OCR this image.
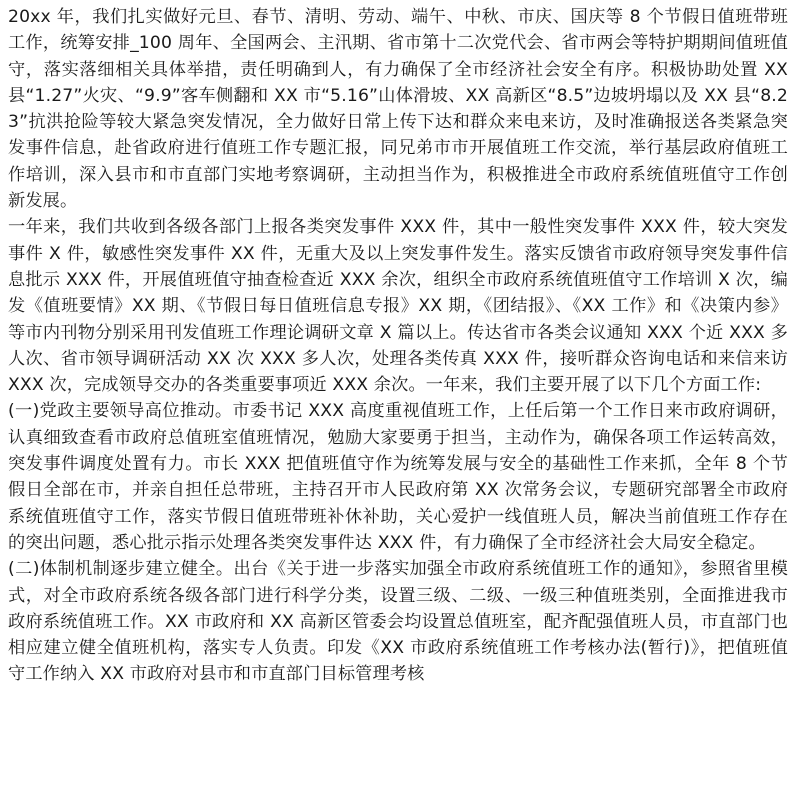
20xx 年，我们扎实做好元旦、春节、清明、劳动、端午、中秋、市庆、国庆等 8 个节假日值班带班工作，统筹安排_100 周年、全国两会、主汛期、省市第十二次党代会、省市两会等特护期期间值班值守，落实落细相关具体举措，责任明确到人，有力确保了全市经济社会安全有序。积极协助处置 XX 县“1.27”火灾、“9.9”客车侧翻和 XX 市“5.16”山体滑坡、XX 高新区“8.5”边坡坍塌以及 XX 县“8.23”抗洪抢险等较大紧急突发情况，全力做好日常上传下达和群众来电来访，及时准确报送各类紧急突发事件信息，赴省政府进行值班工作专题汇报，同兄弟市市开展值班工作交流，举行基层政府值班工作培训，深入县市和市直部门实地考察调研，主动担当作为，积极推进全市政府系统值班值守工作创新发展。

一年来，我们共收到各级各部门上报各类突发事件 XXX 件，其中一般性突发事件 XXX 件，较大突发事件 X 件，敏感性突发事件 XX 件，无重大及以上突发事件发生。落实反馈省市政府领导突发事件信息批示 XXX 件，开展值班值守抽查检查近 XXX 余次，组织全市政府系统值班值守工作培训 X 次，编发《值班要情》XX 期、《节假日每日值班信息专报》XX 期，《团结报》、《XX 工作》和《决策内参》等市内刊物分别采用刊发值班工作理论调研文章 X 篇以上。传达省市各类会议通知 XXX 个近 XXX 多人次、省市领导调研活动 XX 次 XXX 多人次，处理各类传真 XXX 件，接听群众咨询电话和来信来访 XXX 次，完成领导交办的各类重要事项近 XXX 余次。一年来，我们主要开展了以下几个方面工作:

(一)党政主要领导高位推动。市委书记 XXX 高度重视值班工作，上任后第一个工作日来市政府调研，认真细致查看市政府总值班室值班情况，勉励大家要勇于担当，主动作为，确保各项工作运转高效，突发事件调度处置有力。市长 XXX 把值班值守作为统筹发展与安全的基础性工作来抓，全年 8 个节假日全部在市，并亲自担任总带班，主持召开市人民政府第 XX 次常务会议，专题研究部署全市政府系统值班值守工作，落实节假日值班带班补休补助，关心爱护一线值班人员，解决当前值班工作存在的突出问题，悉心批示指示处理各类突发事件达 XXX 件，有力确保了全市经济社会大局安全稳定。

(二)体制机制逐步建立健全。出台《关于进一步落实加强全市政府系统值班工作的通知》，参照省里模式，对全市政府系统各级各部门进行科学分类，设置三级、二级、一级三种值班类别，全面推进我市政府系统值班工作。XX 市政府和 XX 高新区管委会均设置总值班室，配齐配强值班人员，市直部门也相应建立健全值班机构，落实专人负责。印发《XX 市政府系统值班工作考核办法(暂行)》，把值班值守工作纳入 XX 市政府对县市和市直部门目标管理考核
